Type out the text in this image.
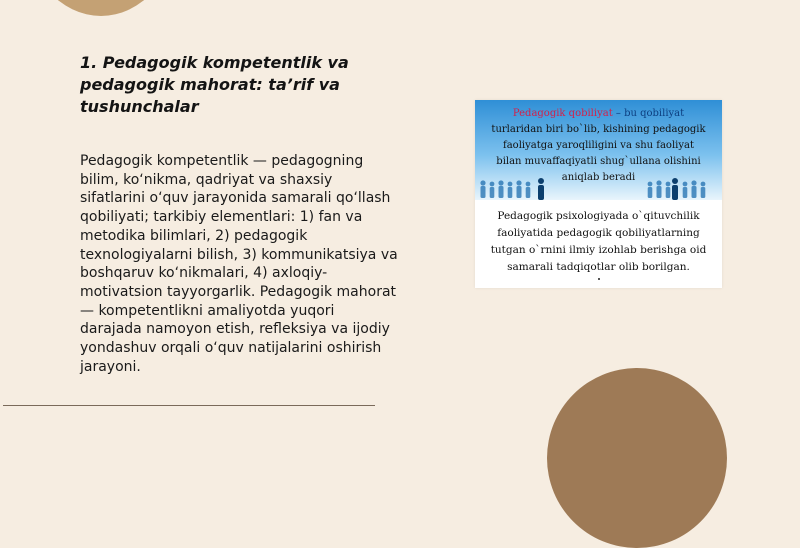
1. Pedagogik kompetentlik va pedagogik mahorat: ta’rif va tushunchalar

Pedagogik kompetentlik — pedagogning bilim, ko‘nikma, qadriyat va shaxsiy sifatlarini o‘quv jarayonida samarali qo‘llash qobiliyati; tarkibiy elementlari: 1) fan va metodika bilimlari, 2) pedagogik texnologiyalarni bilish, 3) kommunikatsiya va boshqaruv ko‘nikmalari, 4) axloqiy-motivatsion tayyorgarlik. Pedagogik mahorat — kompetentlikni amaliyotda yuqori darajada namoyon etish, refleksiya va ijodiy yondashuv orqali o‘quv natijalarini oshirish jarayoni.

Pedagogik qobiliyat – bu qobiliyat
turlaridan biri bo`lib, kishining pedagogik
faoliyatga yaroqliligini va shu faoliyat
bilan muvaffaqiyatli shug`ullana olishini
aniqlab beradi
Pedagogik psixologiyada o`qituvchilik
faoliyatida pedagogik qobiliyatlarning
tutgan o`rnini ilmiy izohlab berishga oid
samarali tadqiqotlar olib borilgan.
